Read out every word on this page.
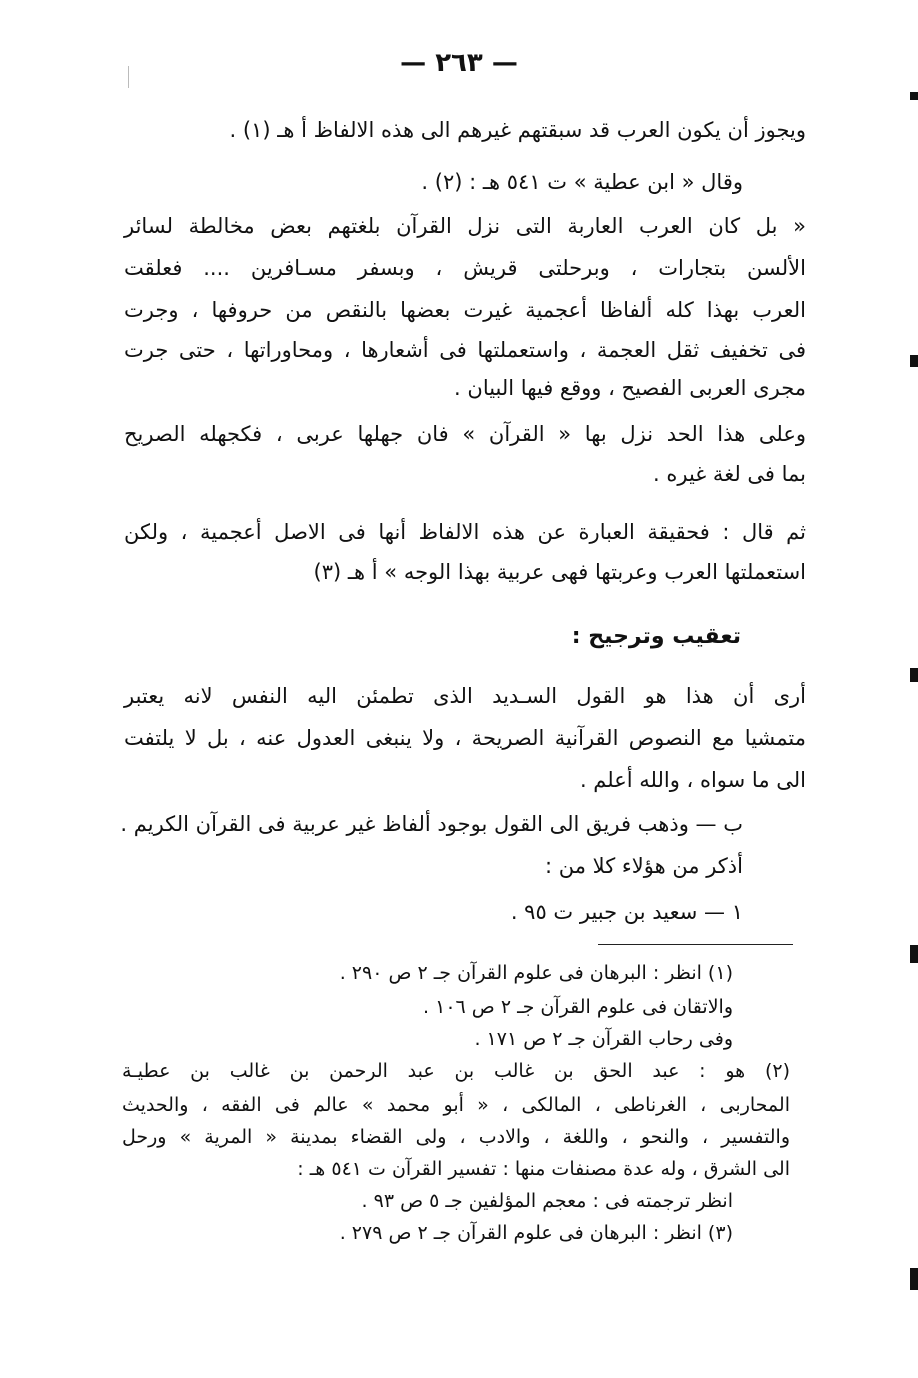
— ٢٦٣ —
ويجوز أن يكون العرب قد سبقتهم غيرهم الى هذه الالفاظ أ هـ (١) .
وقال « ابن عطية » ت ٥٤١ هـ : (٢) .
« بل كان العرب العاربة التى نزل القرآن بلغتهم بعض مخالطة لسائر
الألسن بتجارات ، وبرحلتى قريش ، وبسفر مسـافرين .... فعلقت
العرب بهذا كله ألفاظا أعجمية غيرت بعضها بالنقص من حروفها ، وجرت
فى تخفيف ثقل العجمة ، واستعملتها فى أشعارها ، ومحاوراتها ، حتى جرت
مجرى العربى الفصيح ، ووقع فيها البيان .
وعلى هذا الحد نزل بها « القرآن » فان جهلها عربى ، فكجهله الصريح
بما فى لغة غيره .
ثم قال : فحقيقة العبارة عن هذه الالفاظ أنها فى الاصل أعجمية ، ولكن
استعملتها العرب وعربتها فهى عربية بهذا الوجه » أ هـ (٣)
تعقيب وترجيح :
أرى أن هذا هو القول السـديد الذى تطمئن اليه النفس لانه يعتبر
متمشيا مع النصوص القرآنية الصريحة ، ولا ينبغى العدول عنه ، بل لا يلتفت
الى ما سواه ، والله أعلم .
ب — وذهب فريق الى القول بوجود ألفاظ غير عربية فى القرآن الكريم .
أذكر من هؤلاء كلا من :
١ — سعيد بن جبير ت ٩٥ .
(١) انظر : البرهان فى علوم القرآن جـ ٢ ص ٢٩٠ .
والاتقان فى علوم القرآن جـ ٢ ص ١٠٦ .
وفى رحاب القرآن جـ ٢ ص ١٧١ .
(٢) هو : عبد الحق بن غالب بن عبد الرحمن بن غالب بن عطيـة
المحاربى ، الغرناطى ، المالكى ، « أبو محمد » عالم فى الفقه ، والحديث
والتفسير ، والنحو ، واللغة ، والادب ، ولى القضاء بمدينة « المرية » ورحل
الى الشرق ، وله عدة مصنفات منها : تفسير القرآن ت ٥٤١ هـ :
انظر ترجمته فى : معجم المؤلفين جـ ٥ ص ٩٣ .
(٣) انظر : البرهان فى علوم القرآن جـ ٢ ص ٢٧٩ .
